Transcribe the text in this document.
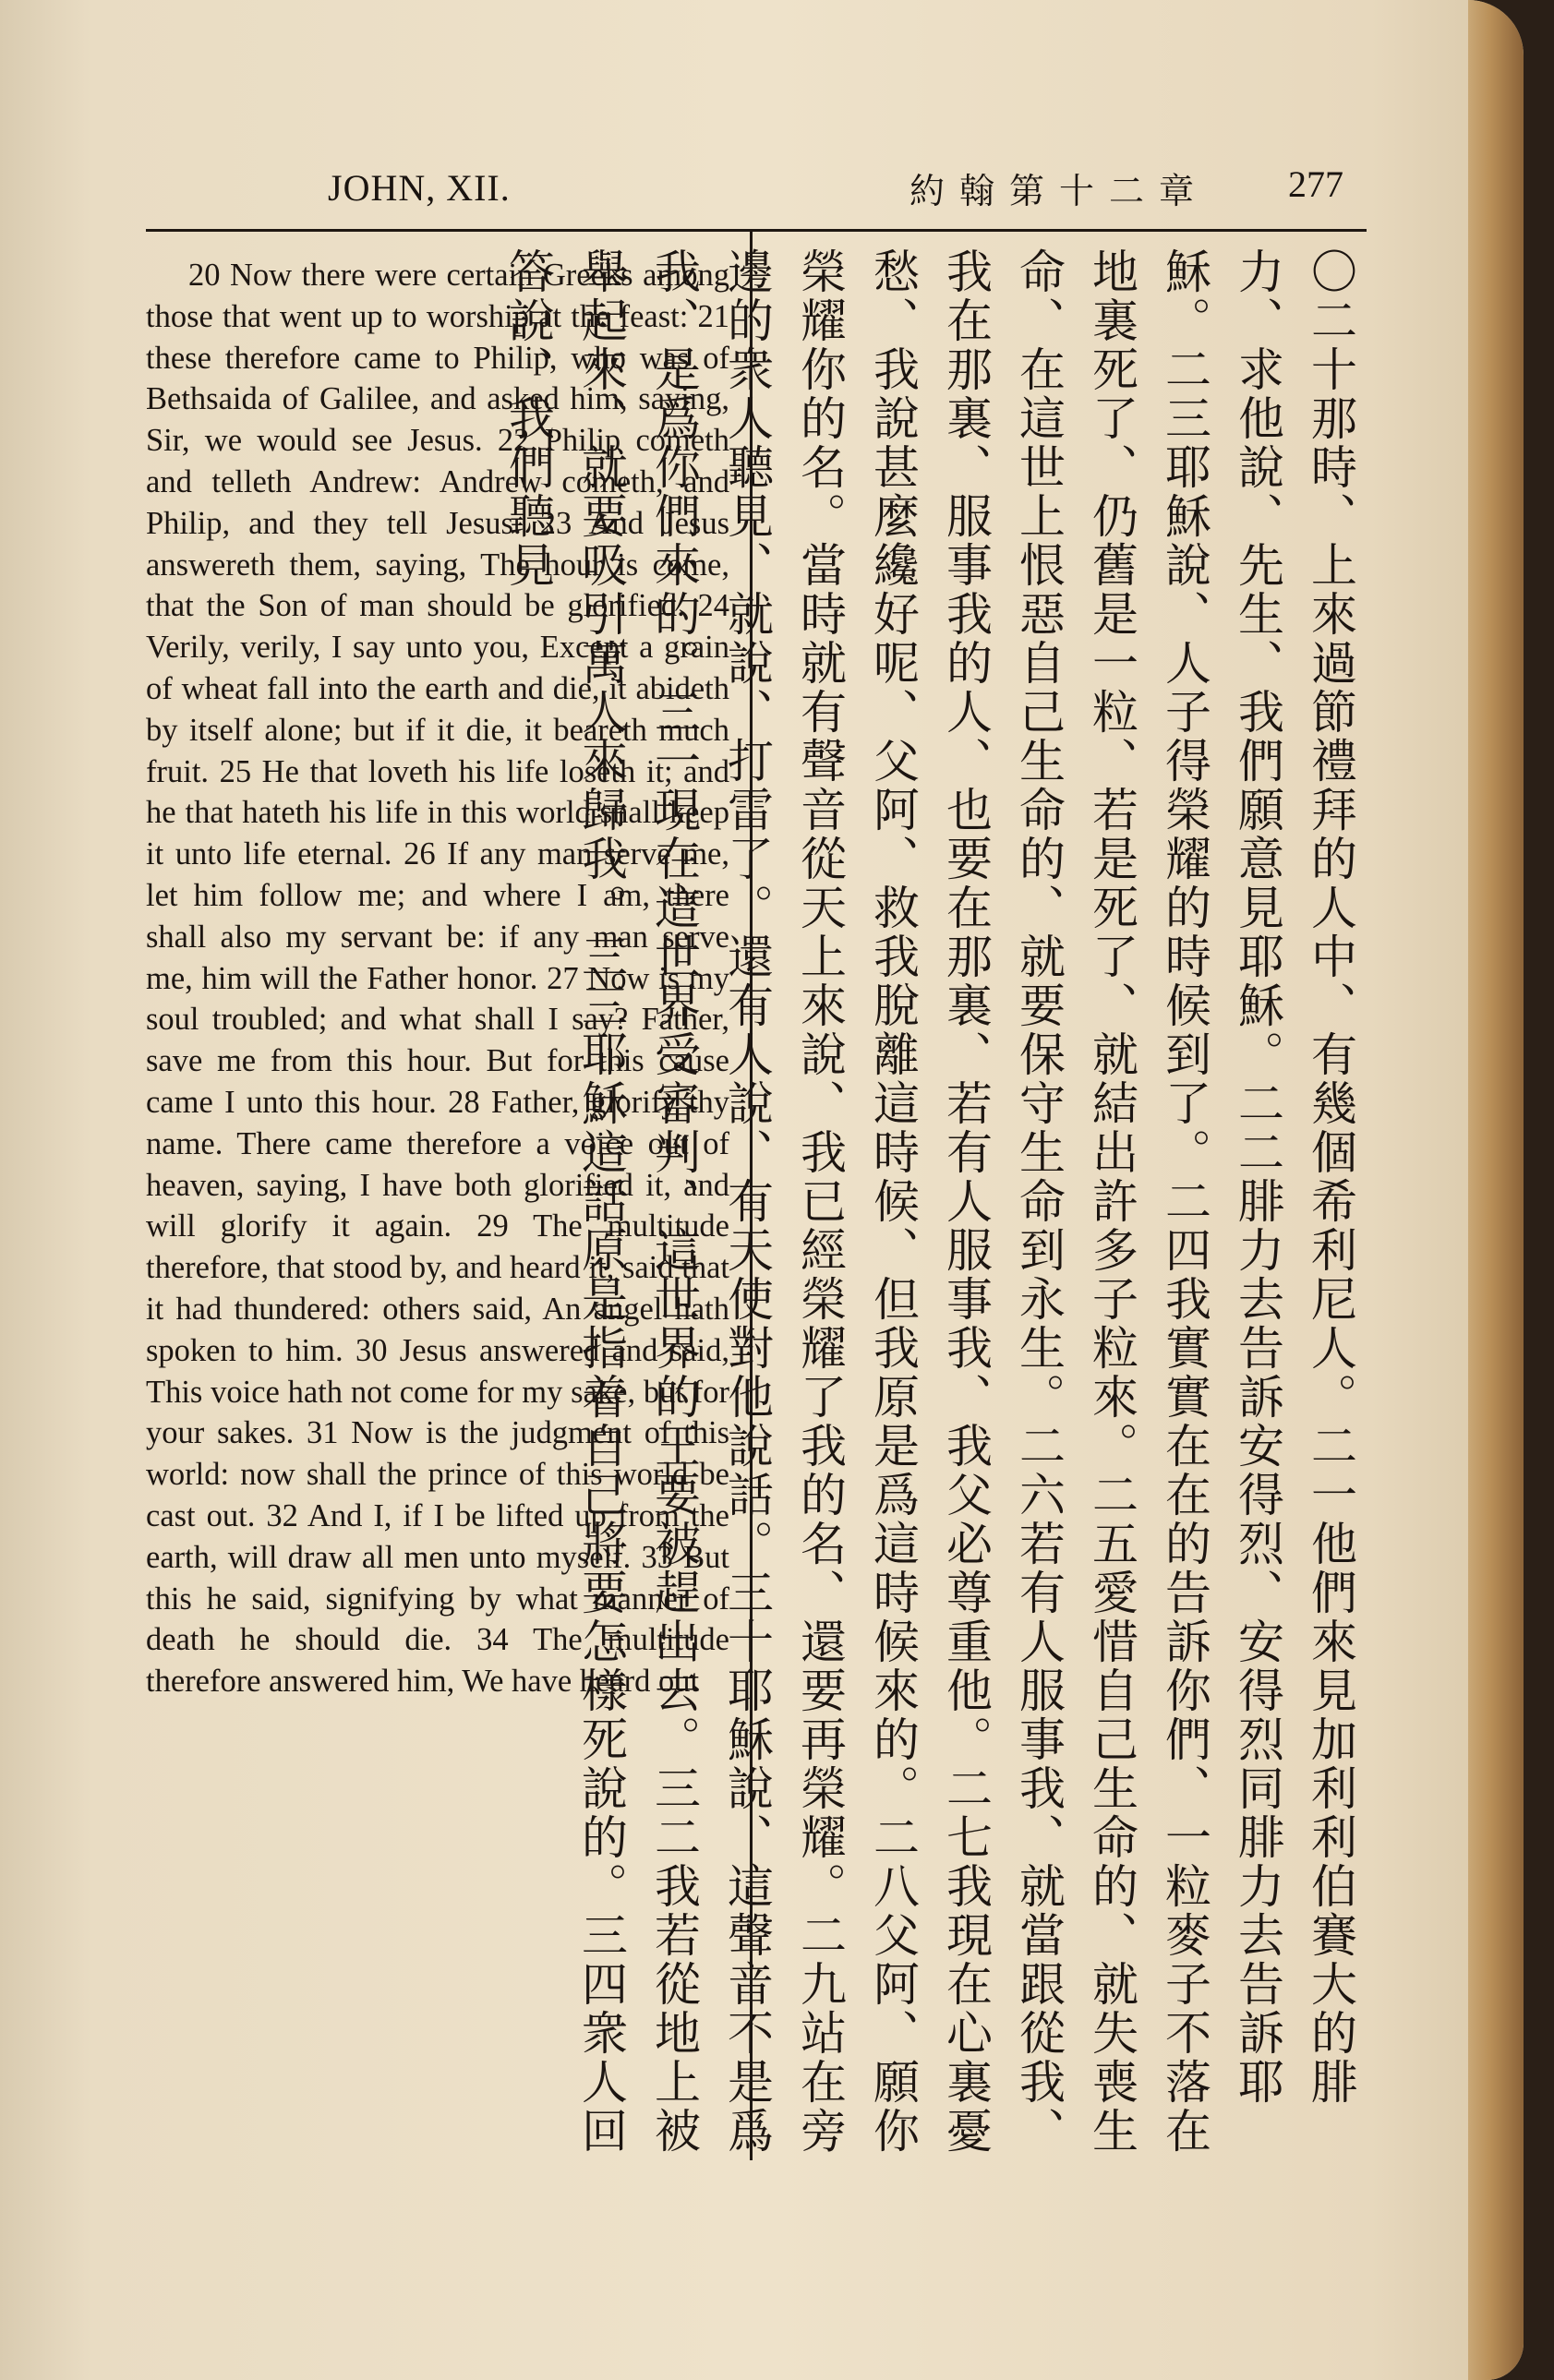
JOHN, XII.	約翰第十二章 277
20 Now there were certain Greeks among those that went up to worship at the feast: 21 these therefore came to Philip, who was of Bethsaida of Galilee, and asked him, saying, Sir, we would see Jesus. 22 Philip cometh and telleth Andrew: Andrew cometh, and Philip, and they tell Jesus. 23 And Jesus answereth them, saying, The hour is come, that the Son of man should be glorified. 24 Verily, verily, I say unto you, Except a grain of wheat fall into the earth and die, it abideth by itself alone; but if it die, it beareth much fruit. 25 He that loveth his life loseth it; and he that hateth his life in this world shall keep it unto life eternal. 26 If any man serve me, let him follow me; and where I am, there shall also my servant be: if any man serve me, him will the Father honor. 27 Now is my soul troubled; and what shall I say? Father, save me from this hour. But for this cause came I unto this hour. 28 Father, glorify thy name. There came therefore a voice out of heaven, saying, I have both glorified it, and will glorify it again. 29 The multitude therefore, that stood by, and heard it, said that it had thundered: others said, An angel hath spoken to him. 30 Jesus answered and said, This voice hath not come for my sake, but for your sakes. 31 Now is the judgment of this world: now shall the prince of this world be cast out. 32 And I, if I be lifted up from the earth, will draw all men unto myself. 33 But this he said, signifying by what manner of death he should die. 34 The multitude therefore answered him, We have heard out	〇二十那時、上來過節禮拜的人中、有幾個希利尼人。二一他們來見加利利伯賽大的腓力、求他說、先生、我們願意見耶穌。二二腓力去告訴安得烈、安得烈同腓力去告訴耶穌。二三耶穌說、人子得榮耀的時候到了。二四我實實在在的告訴你們、一粒麥子不落在地裏死了、仍舊是一粒、若是死了、就結出許多子粒來。二五愛惜自己生命的、就失喪生命、在這世上恨惡自己生命的、就要保守生命到永生。二六若有人服事我、就當跟從我、我在那裏、服事我的人、也要在那裏、若有人服事我、我父必尊重他。二七我現在心裏憂愁、我說甚麼纔好呢、父阿、救我脫離這時候、但我原是爲這時候來的。二八父阿、願你榮耀你的名。當時就有聲音從天上來說、我已經榮耀了我的名、還要再榮耀。二九站在旁邊的衆人聽見、就說、打雷了。還有人說、有天使對他說話。三十耶穌說、這聲音不是爲我、是爲你們來的。三一現在這世界受審判、這世界的王要被趕出去。三二我若從地上被舉起來、就要吸引萬人來歸我。三三耶穌這話原是指着自己將要怎樣死說的。三四衆人回答說、我們聽見
